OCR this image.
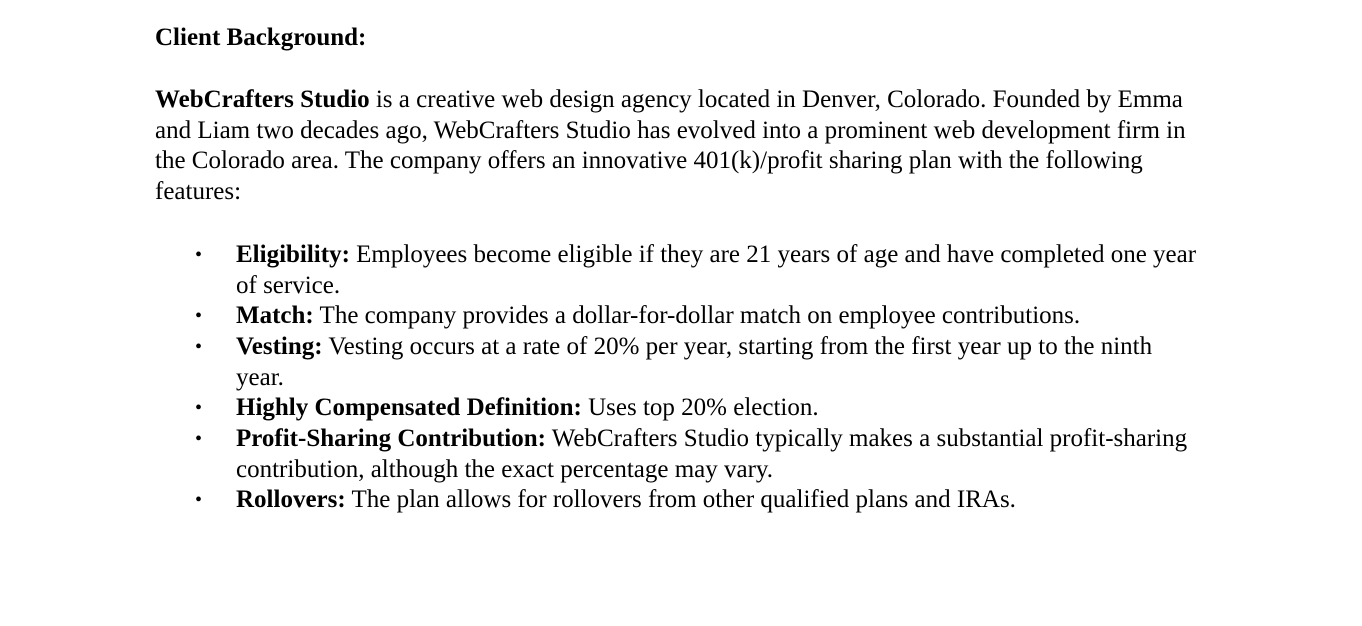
Client Background:

WebCrafters Studio is a creative web design agency located in Denver, Colorado. Founded by Emma and Liam two decades ago, WebCrafters Studio has evolved into a prominent web development firm in the Colorado area. The company offers an innovative 401(k)/profit sharing plan with the following features:

• Eligibility: Employees become eligible if they are 21 years of age and have completed one year of service.
• Match: The company provides a dollar-for-dollar match on employee contributions.
• Vesting: Vesting occurs at a rate of 20% per year, starting from the first year up to the ninth year.
• Highly Compensated Definition: Uses top 20% election.
• Profit-Sharing Contribution: WebCrafters Studio typically makes a substantial profit-sharing contribution, although the exact percentage may vary.
• Rollovers: The plan allows for rollovers from other qualified plans and IRAs.
